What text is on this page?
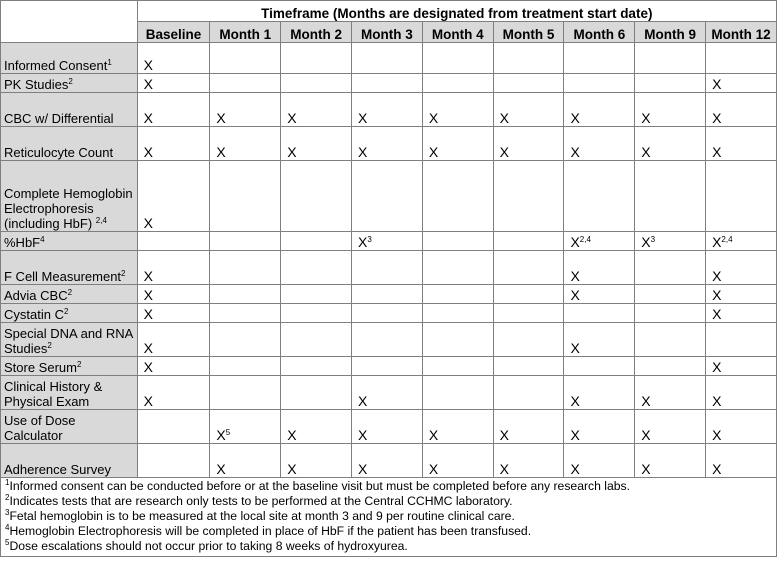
	Timeframe (Months are designated from treatment start date)								
	Baseline	Month 1	Month 2	Month 3	Month 4	Month 5	Month 6	Month 9	Month 12
Informed Consent$^1$	X								
PK Studies$^2$	X								X
CBC w/ Differential	X	X	X	X	X	X	X	X	X
Reticulocyte Count	X	X	X	X	X	X	X	X	X
Complete Hemoglobin Electrophoresis (including HbF) $^{2,4}$	X								
%HbF$^4$				$X^3$			X$^{2,4}$	$X^3$	X$^{2,4}$
F Cell Measurement$^2$	X						X		X
Advia CBC$^2$	X						X		X
Cystatin $C^2$	X								X
Special DNA and RNA Studies$^2$	X						X		
Store Serum$^2$	X								X
Clinical History & Physical Exam	X			X			X	X	X
Use of Dose Calculator		$X^5$	X	X	X	X	X	X	X
Adherence Survey		X	X	X	X	X	X	X	X
$^1$Informed consent can be conducted before or at the baseline visit but must be completed before any research labs.
$^2$Indicates tests that are research only tests to be performed at the Central CCHMC laboratory.
$^3$Fetal hemoglobin is to be measured at the local site at month 3 and 9 per routine clinical care.
$^4$Hemoglobin Electrophoresis will be completed in place of HbF if the patient has been transfused.
$^5$Dose escalations should not occur prior to taking 8 weeks of hydroxyurea.
